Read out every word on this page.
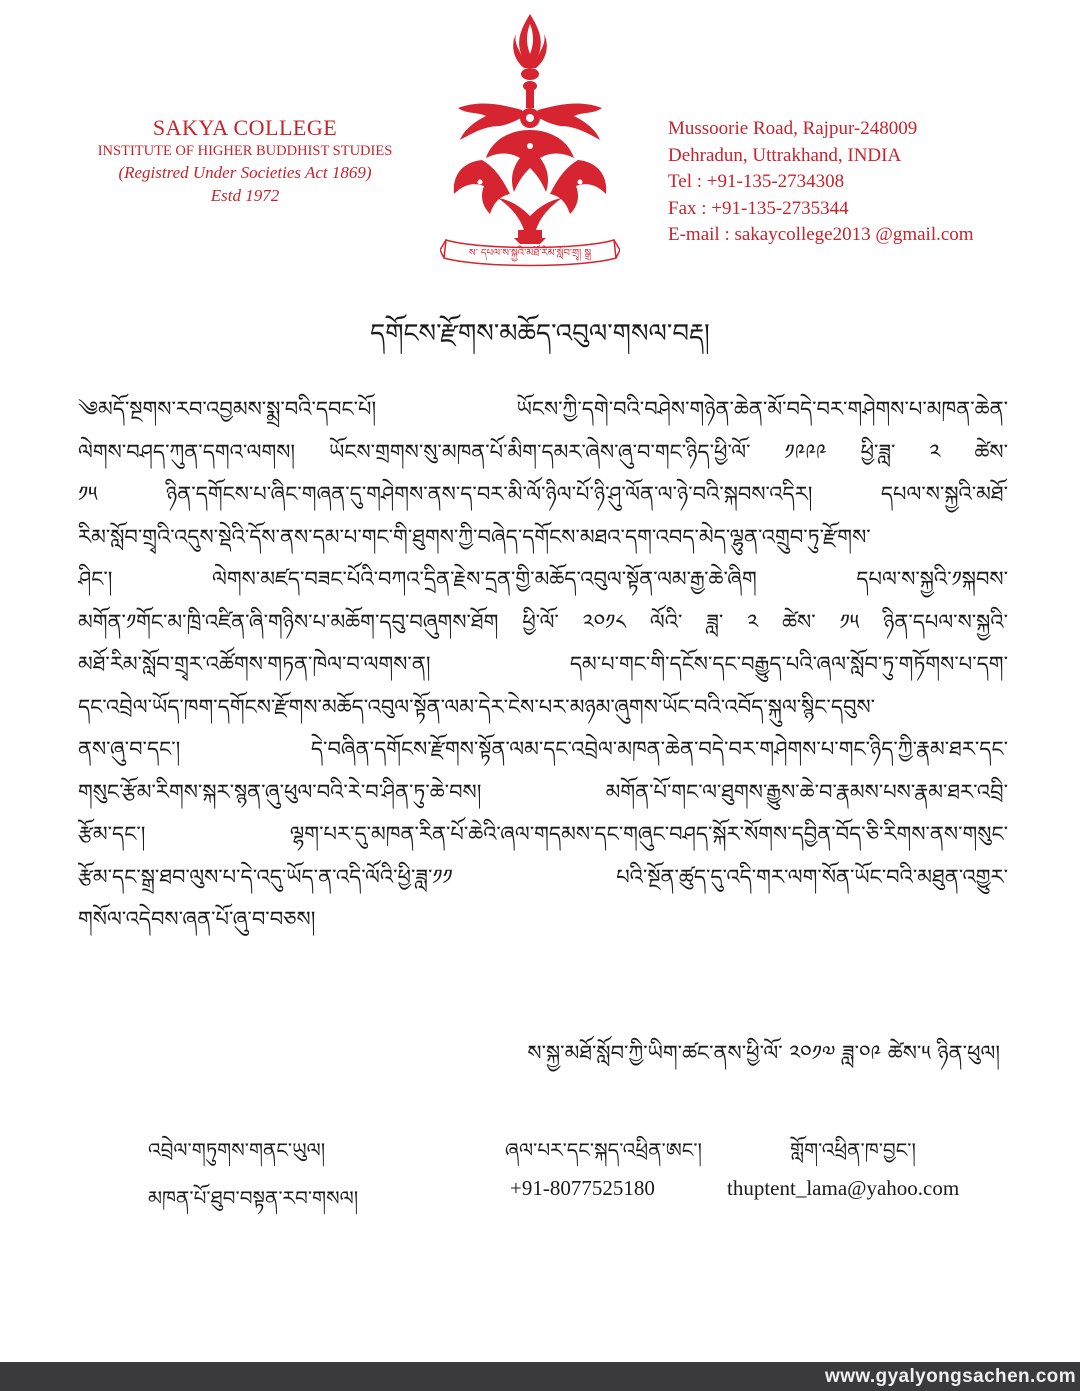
SAKYA COLLEGE
INSTITUTE OF HIGHER BUDDHIST STUDIES
(Registred Under Societies Act 1869)
Estd 1972
ས་ དཔལ་ས་སྐྱའི་མཐོ་རིམ་སློབ་གྲྭ། སྒྲ
Mussoorie Road, Rajpur-248009
Dehradun, Uttrakhand, INDIA
Tel : +91-135-2734308
Fax : +91-135-2735344
E-mail : sakaycollege2013 @gmail.com
དགོངས་རྫོགས་མཆོད་འབུལ་གསལ་བརྡ།
༄མདོ་སྔགས་རབ་འབྱམས་སྨྲ་བའི་དབང་པོ། ཡོངས་ཀྱི་དགེ་བའི་བཤེས་གཉེན་ཆེན་མོ་བདེ་བར་གཤེགས་པ་མཁན་ཆེན་
ལེགས་བཤད་ཀུན་དགའ་ལགས། ཡོངས་གྲགས་སུ་མཁན་པོ་མིག་དམར་ཞེས་ཞུ་བ་གང་ཉིད་ཕྱི་ལོ་ ༡༩༩༩ ཕྱི་ཟླ་ ༢ ཚེས་
༡༥ ཉིན་དགོངས་པ་ཞིང་གཞན་དུ་གཤེགས་ནས་ད་བར་མི་ལོ་ཉིལ་པོ་ཉི་ཤུ་ལོན་ལ་ཉེ་བའི་སྐབས་འདིར། དཔལ་ས་སྐྱའི་མཐོ་
རིམ་སློབ་གྲྭའི་འདུས་སྡེའི་དོས་ནས་དམ་པ་གང་གི་ཐུགས་ཀྱི་བཞེད་དགོངས་མཐའ་དག་འབད་མེད་ལྷུན་འགྲུབ་ཏུ་རྫོགས་
ཤིང་། ལེགས་མཛད་བཟང་པོའི་བཀའ་དྲིན་རྗེས་དྲན་གྱི་མཆོད་འབུལ་སྟོན་ལམ་རྒྱ་ཆེ་ཞིག དཔལ་ས་སྐྱའི་༡སྐབས་
མགོན་༡གོང་མ་ཁྲི་འཛིན་ཞི་གཉིས་པ་མཆོག་དབུ་བཞུགས་ཐོག ཕྱི་ལོ་ ༢༠༡༨ ལོའི་ ཟླ་ ༢ ཚེས་ ༡༥ ཉིན་དཔལ་ས་སྐྱའི་
མཐོ་རིམ་སློབ་གྲྭར་འཚོགས་གཏན་ཁེལ་བ་ལགས་ན། དམ་པ་གང་གི་དངོས་དང་བརྒྱུད་པའི་ཞལ་སློབ་ཏུ་གཏོགས་པ་དག་
དང་འབྲེལ་ཡོད་ཁག་དགོངས་རྫོགས་མཆོད་འབུལ་སྟོན་ལམ་དེར་ངེས་པར་མཉམ་ཞུགས་ཡོང་བའི་འབོད་སྐུལ་སྙིང་དབུས་
ནས་ཞུ་བ་དང་། དེ་བཞིན་དགོངས་རྫོགས་སྟོན་ལམ་དང་འབྲེལ་མཁན་ཆེན་བདེ་བར་གཤེགས་པ་གང་ཉིད་ཀྱི་རྣམ་ཐར་དང་
གསུང་རྩོམ་རིགས་སྐར་སྙན་ཞུ་ཕུལ་བའི་རེ་བ་ཤིན་ཏུ་ཆེ་བས། མགོན་པོ་གང་ལ་ཐུགས་རྒྱུས་ཆེ་བ་རྣམས་པས་རྣམ་ཐར་འབྲི་
རྩོམ་དང་། ལྷག་པར་དུ་མཁན་རིན་པོ་ཆེའི་ཞལ་གདམས་དང་གཞུང་བཤད་སྐོར་སོགས་དབྱིན་བོད་ཅི་རིགས་ནས་གསུང་
རྩོམ་དང་སྒྲ་ཐབ་ལུས་པ་དེ་འདུ་ཡོད་ན་འདི་ལོའི་ཕྱི་ཟླ་༡༡ པའི་སྔོན་ཚུད་དུ་འདི་གར་ལག་སོན་ཡོང་བའི་མཐུན་འགྱུར་
གསོལ་འདེབས་ཞན་པོ་ཞུ་བ་བཅས།
ས་སྐྱ་མཐོ་སློབ་ཀྱི་ཡིག་ཚང་ནས་ཕྱི་ལོ་ ༢༠༡༧ ཟླ་༠༩ ཚེས་༥ ཉིན་ཕུལ།
འབྲེལ་གཏུགས་གནང་ཡུལ།
མཁན་པོ་ཐུབ་བསྟན་རབ་གསལ།
ཞལ་པར་དང་སྐད་འཕྲིན་ཨང་།
+91-8077525180
གློག་འཕྲིན་ཁ་བྱང་།
thuptent_lama@yahoo.com
www.gyalyongsachen.com
